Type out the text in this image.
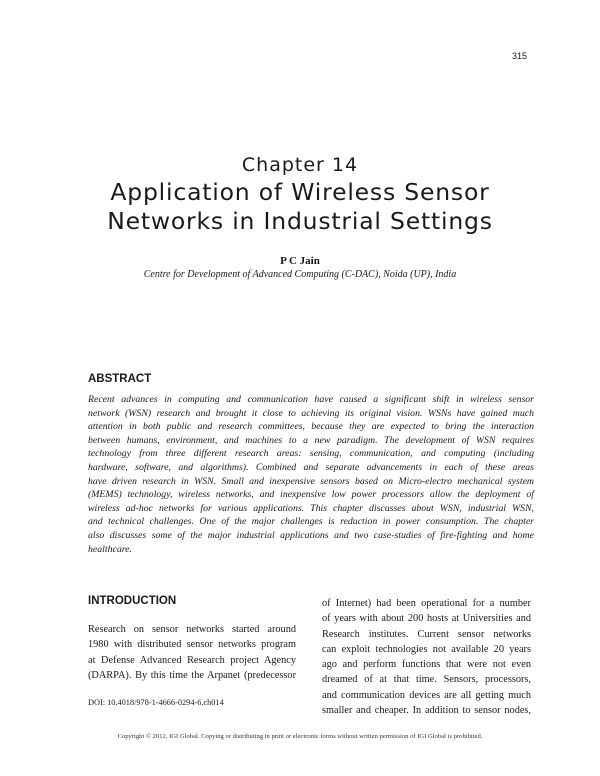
315
Chapter 14
Application of Wireless Sensor
Networks in Industrial Settings
P C Jain
Centre for Development of Advanced Computing (C-DAC), Noida (UP), India
ABSTRACT
Recent advances in computing and communication have caused a significant shift in wireless sensor
network (WSN) research and brought it close to achieving its original vision. WSNs have gained much
attention in both public and research committees, because they are expected to bring the interaction
between humans, environment, and machines to a new paradigm. The development of WSN requires
technology from three different research areas: sensing, communication, and computing (including
hardware, software, and algorithms). Combined and separate advancements in each of these areas
have driven research in WSN. Small and inexpensive sensors based on Micro-electro mechanical system
(MEMS) technology, wireless networks, and inexpensive low power processors allow the deployment of
wireless ad-hoc networks for various applications. This chapter discusses about WSN, industrial WSN,
and technical challenges. One of the major challenges is reduction in power consumption. The chapter
also discusses some of the major industrial applications and two case-studies of fire-fighting and home
healthcare.
INTRODUCTION
Research on sensor networks started around
1980 with distributed sensor networks program
at Defense Advanced Research project Agency
(DARPA). By this time the Arpanet (predecessor
of Internet) had been operational for a number
of years with about 200 hosts at Universities and
Research institutes. Current sensor networks
can exploit technologies not available 20 years
ago and perform functions that were not even
dreamed of at that time. Sensors, processors,
and communication devices are all getting much
smaller and cheaper. In addition to sensor nodes,
DOI: 10.4018/978-1-4666-0294-6.ch014
Copyright © 2012, IGI Global. Copying or distributing in print or electronic forms without written permission of IGI Global is prohibited.
